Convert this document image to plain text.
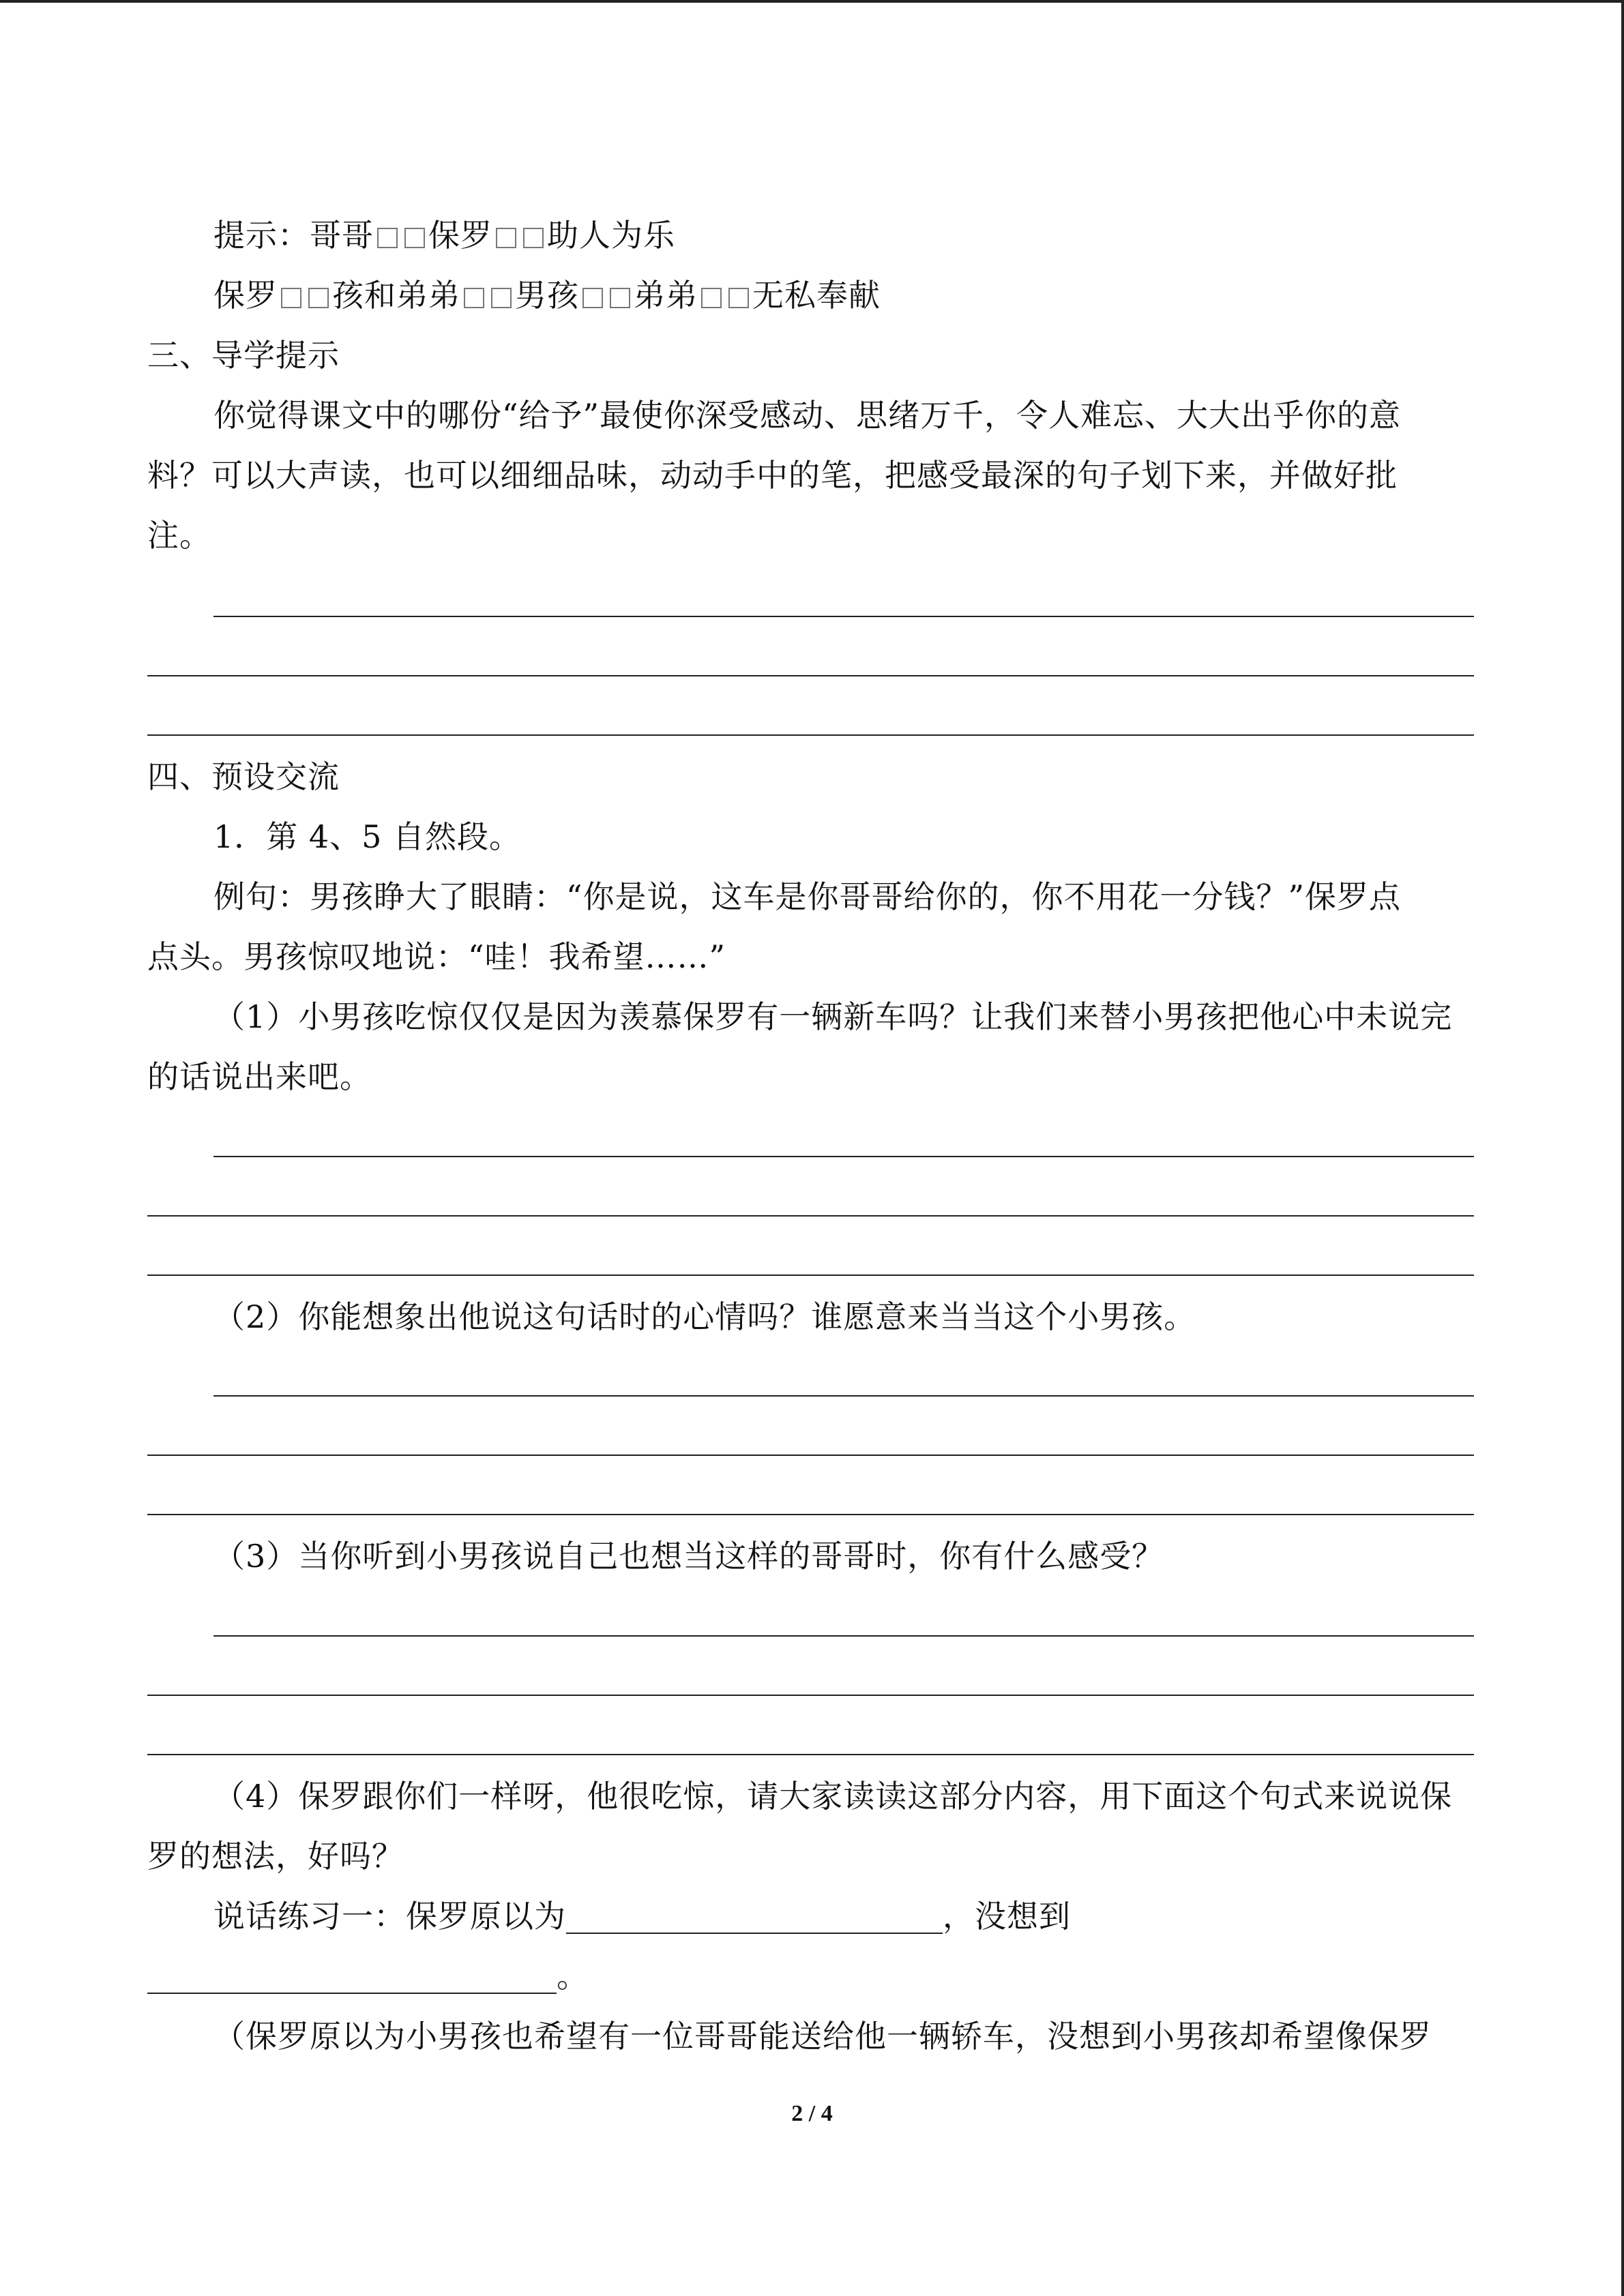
提示：哥哥 保罗 助人为乐
保罗 孩和弟弟 男孩 弟弟 无私奉献
三、导学提示
你觉得课文中的哪份“给予”最使你深受感动、思绪万千，令人难忘、大大出乎你的意
料？可以大声读，也可以细细品味，动动手中的笔，把感受最深的句子划下来，并做好批
注。
四、预设交流
1．第 4、5 自然段。
例句：男孩睁大了眼睛：“你是说，这车是你哥哥给你的，你不用花一分钱？”保罗点
点头。男孩惊叹地说：“哇！我希望……”
（1）小男孩吃惊仅仅是因为羡慕保罗有一辆新车吗？让我们来替小男孩把他心中未说完
的话说出来吧。
（2）你能想象出他说这句话时的心情吗？谁愿意来当当这个小男孩。
（3）当你听到小男孩说自己也想当这样的哥哥时，你有什么感受？
（4）保罗跟你们一样呀，他很吃惊，请大家读读这部分内容，用下面这个句式来说说保
罗的想法，好吗？
说话练习一：保罗原以为	，没想到
。
（保罗原以为小男孩也希望有一位哥哥能送给他一辆轿车，没想到小男孩却希望像保罗
2 / 4
